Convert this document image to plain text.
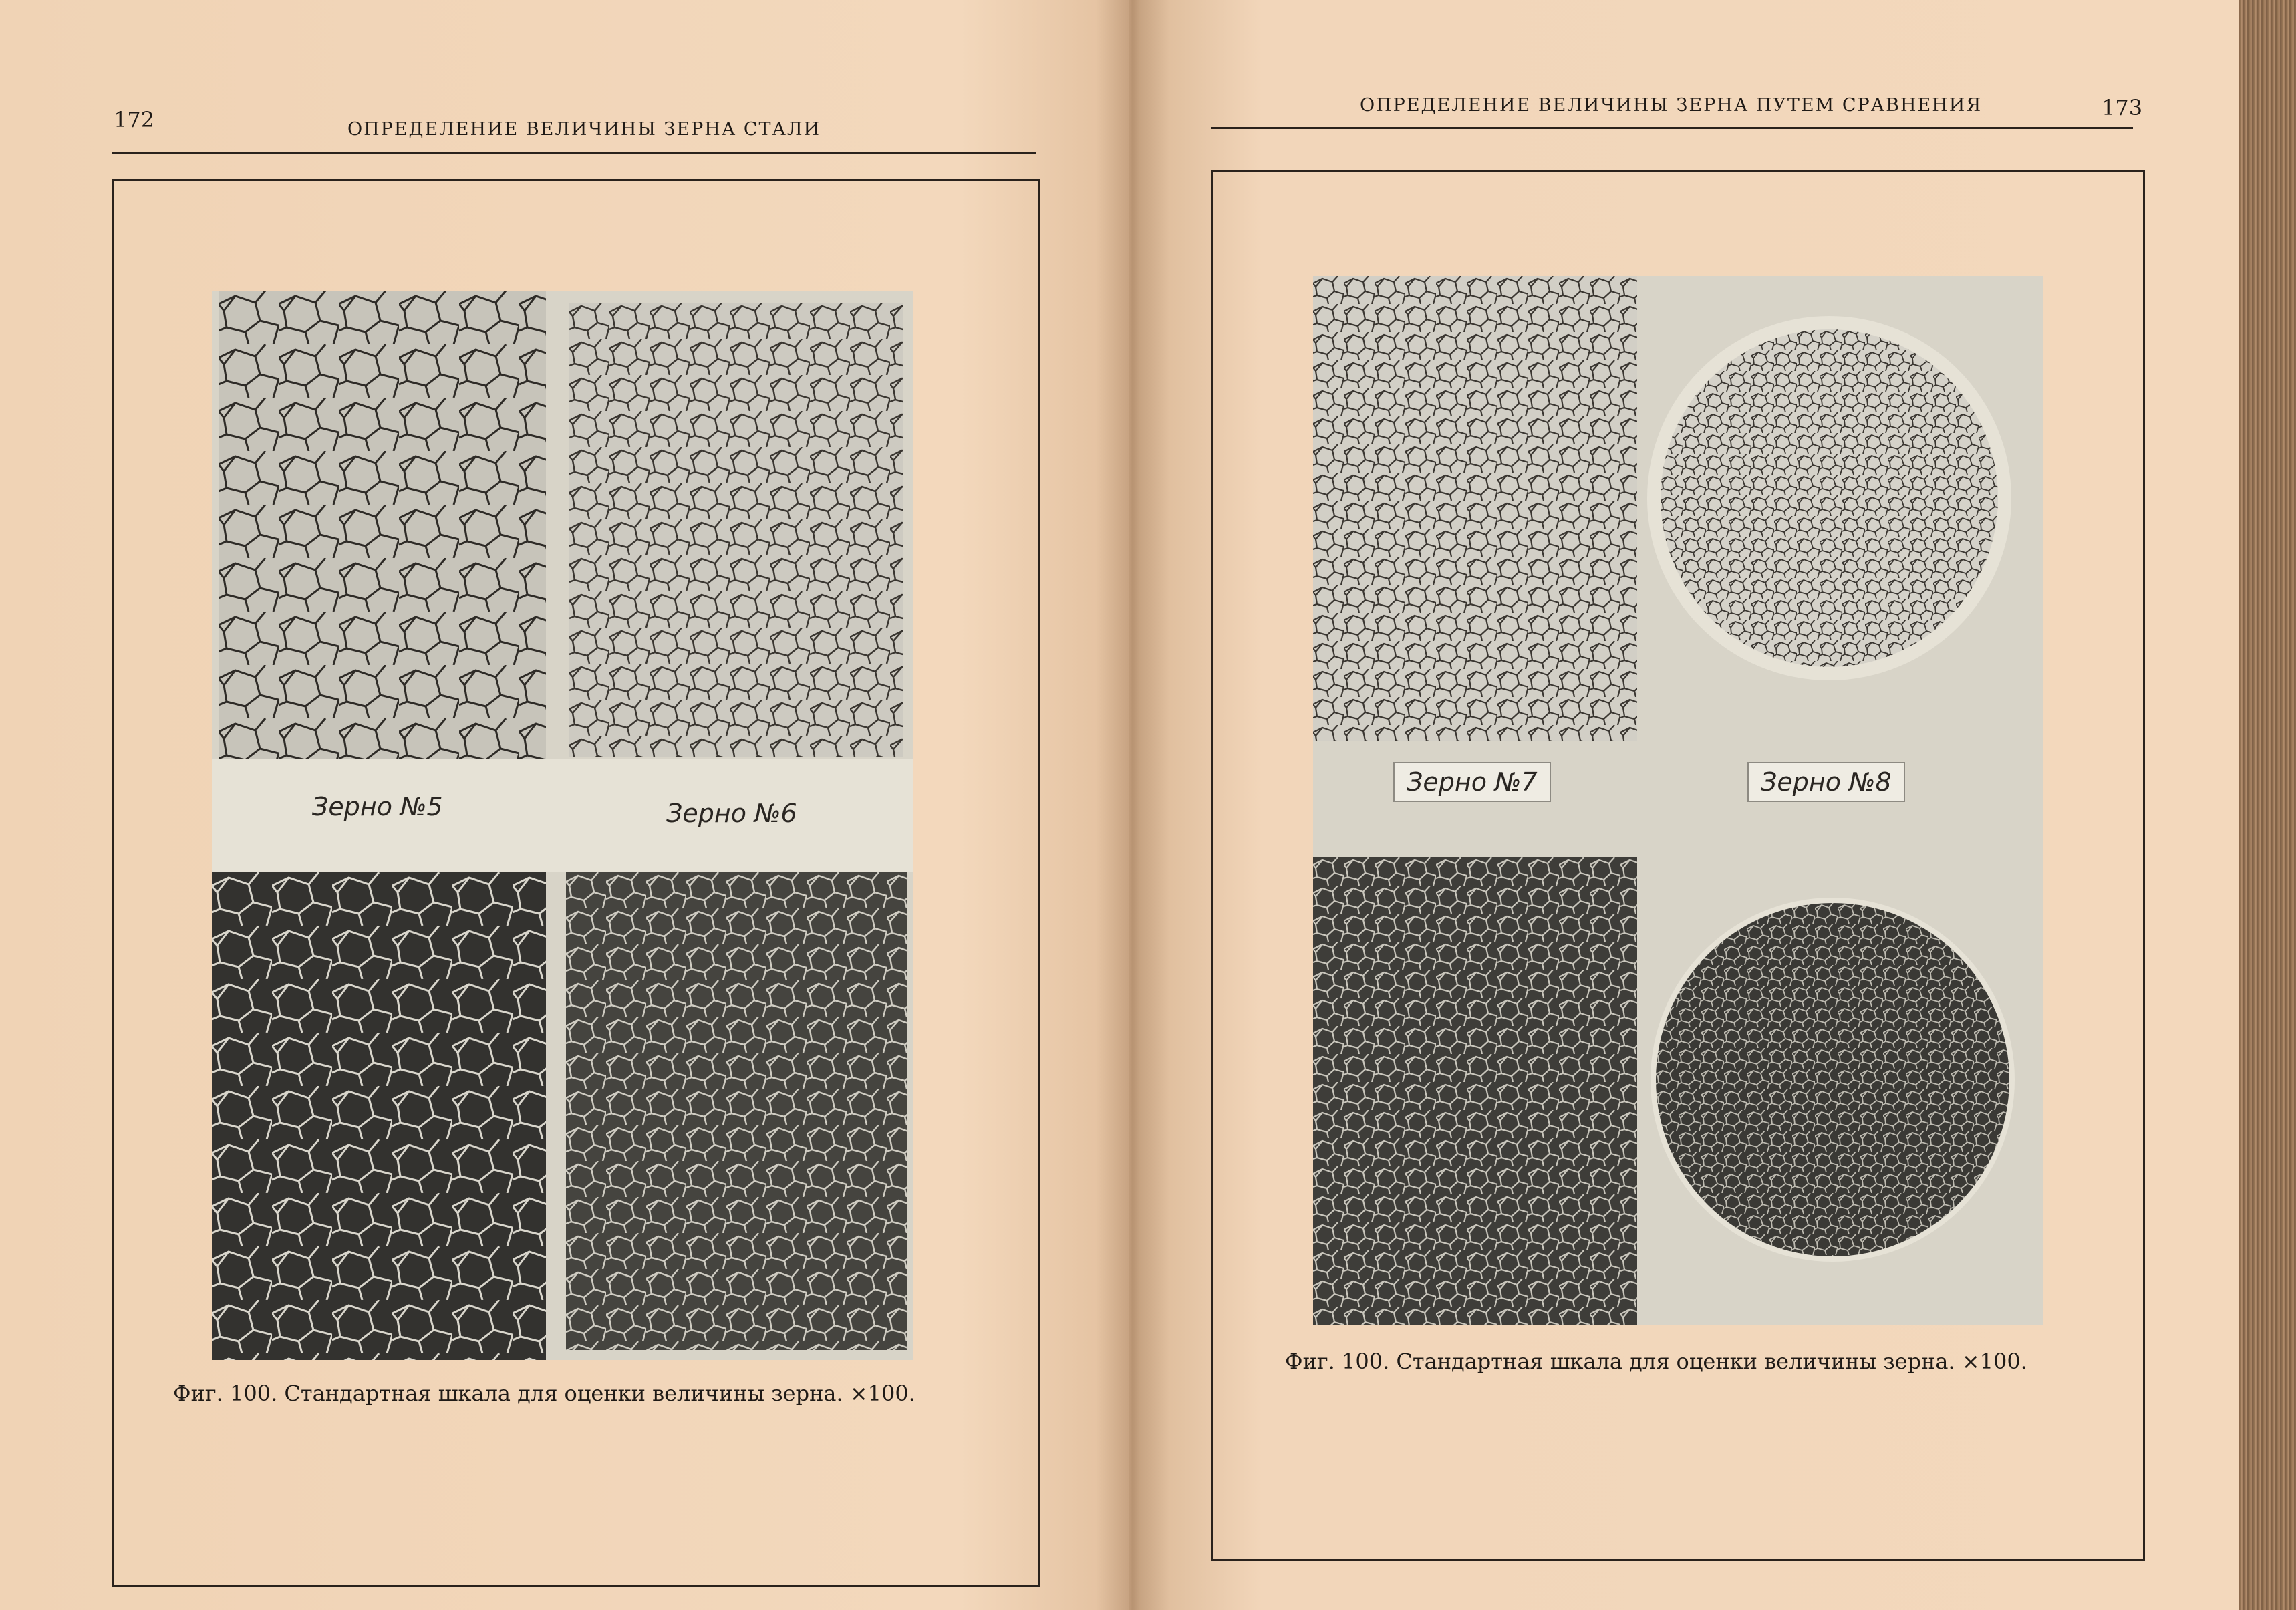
172	ОПРЕДЕЛЕНИЕ ВЕЛИЧИНЫ ЗЕРНА СТАЛИ
Зерно №5	Зерно №6
Фиг. 100. Стандартная шкала для оценки величины зерна. ×100.
ОПРЕДЕЛЕНИЕ ВЕЛИЧИНЫ ЗЕРНА ПУТЕМ СРАВНЕНИЯ	173
Зерно №7	Зерно №8
Фиг. 100. Стандартная шкала для оценки величины зерна. ×100.
